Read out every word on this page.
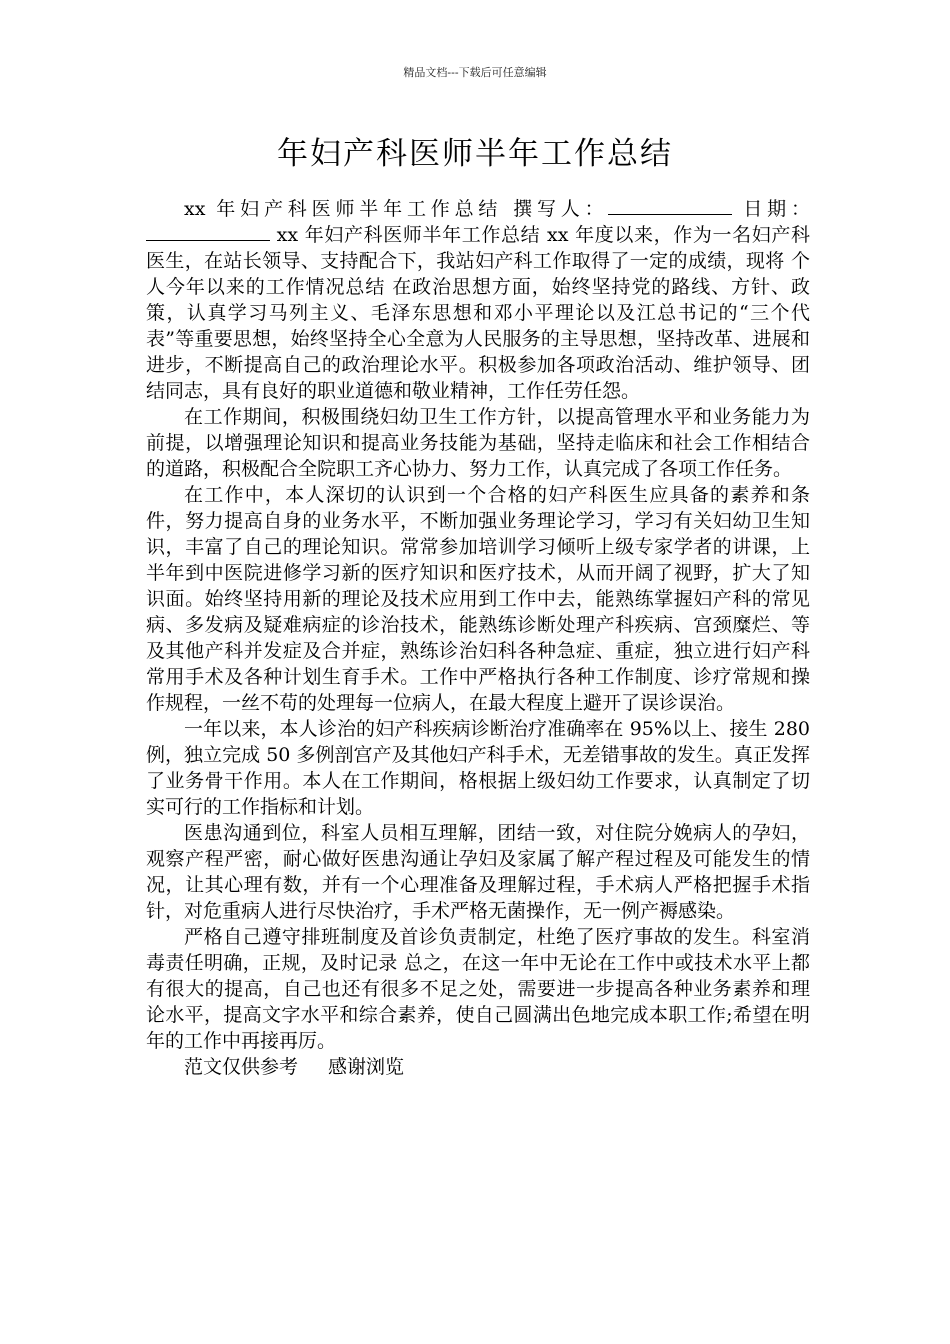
精品文档---下载后可任意编辑
年妇产科医师半年工作总结

xx 年妇产科医师半年工作总结 撰写人：	日期： xx 年妇产科医师半年工作总结 xx 年度以来，作为一名妇产科医生，在站长领导、支持配合下，我站妇产科工作取得了一定的成绩，现将 个人今年以来的工作情况总结 在政治思想方面，始终坚持党的路线、方针、政策，认真学习马列主义、毛泽东思想和邓小平理论以及江总书记的“三个代表”等重要思想，始终坚持全心全意为人民服务的主导思想，坚持改革、进展和进步，不断提高自己的政治理论水平。积极参加各项政治活动、维护领导、团结同志，具有良好的职业道德和敬业精神，工作任劳任怨。

在工作期间，积极围绕妇幼卫生工作方针，以提高管理水平和业务能力为前提，以增强理论知识和提高业务技能为基础，坚持走临床和社会工作相结合的道路，积极配合全院职工齐心协力、努力工作，认真完成了各项工作任务。

在工作中，本人深切的认识到一个合格的妇产科医生应具备的素养和条件，努力提高自身的业务水平，不断加强业务理论学习，学习有关妇幼卫生知识，丰富了自己的理论知识。常常参加培训学习倾听上级专家学者的讲课，上半年到中医院进修学习新的医疗知识和医疗技术，从而开阔了视野，扩大了知识面。始终坚持用新的理论及技术应用到工作中去，能熟练掌握妇产科的常见病、多发病及疑难病症的诊治技术，能熟练诊断处理产科疾病、宫颈糜烂、等及其他产科并发症及合并症，熟练诊治妇科各种急症、重症，独立进行妇产科常用手术及各种计划生育手术。工作中严格执行各种工作制度、诊疗常规和操作规程，一丝不苟的处理每一位病人，在最大程度上避开了误诊误治。

一年以来，本人诊治的妇产科疾病诊断治疗准确率在 95%以上、接生 280 例，独立完成 50 多例剖宫产及其他妇产科手术，无差错事故的发生。真正发挥了业务骨干作用。本人在工作期间，格根据上级妇幼工作要求，认真制定了切实可行的工作指标和计划。

医患沟通到位，科室人员相互理解，团结一致，对住院分娩病人的孕妇，观察产程严密，耐心做好医患沟通让孕妇及家属了解产程过程及可能发生的情况，让其心理有数，并有一个心理准备及理解过程，手术病人严格把握手术指针，对危重病人进行尽快治疗，手术严格无菌操作，无一例产褥感染。

严格自己遵守排班制度及首诊负责制定，杜绝了医疗事故的发生。科室消毒责任明确，正规，及时记录 总之，在这一年中无论在工作中或技术水平上都有很大的提高，自己也还有很多不足之处，需要进一步提高各种业务素养和理论水平，提高文字水平和综合素养，使自己圆满出色地完成本职工作;希望在明年的工作中再接再厉。

范文仅供参考 感谢浏览
